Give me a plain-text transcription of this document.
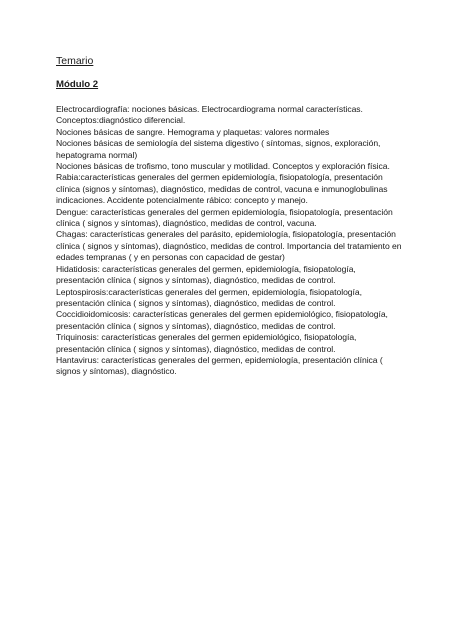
Temario
Módulo 2
Electrocardiografía: nociones básicas. Electrocardiograma normal características.
Conceptos:diagnóstico diferencial.
Nociones básicas de sangre. Hemograma y plaquetas: valores normales
Nociones básicas de semiología del sistema digestivo ( síntomas, signos, exploración, hepatograma normal)
Nociones básicas de trofismo, tono muscular y motilidad. Conceptos y exploración física.
Rabia:características generales del germen epidemiología, fisiopatología, presentación clínica (signos y síntomas), diagnóstico, medidas de control, vacuna e inmunoglobulinas indicaciones. Accidente potencialmente rábico: concepto y manejo.
Dengue: características generales del germen epidemiología, fisiopatología, presentación clínica ( signos y síntomas), diagnóstico, medidas de control, vacuna.
Chagas: características generales del parásito, epidemiología, fisiopatología, presentación clínica ( signos y síntomas), diagnóstico, medidas de control. Importancia del tratamiento en edades tempranas ( y en personas con capacidad de gestar)
Hidatidosis: características generales del germen, epidemiología, fisiopatología, presentación clínica ( signos y síntomas), diagnóstico, medidas de control.
Leptospirosis:características generales del germen, epidemiología, fisiopatología, presentación clínica ( signos y síntomas), diagnóstico, medidas de control.
Coccidioidomicosis: características generales del germen epidemiológico, fisiopatología, presentación clínica ( signos y síntomas), diagnóstico, medidas de control.
Triquinosis: características generales del germen epidemiológico, fisiopatología, presentación clínica ( signos y síntomas), diagnóstico, medidas de control.
Hantavirus: características generales del germen, epidemiología, presentación clínica ( signos y síntomas), diagnóstico.
